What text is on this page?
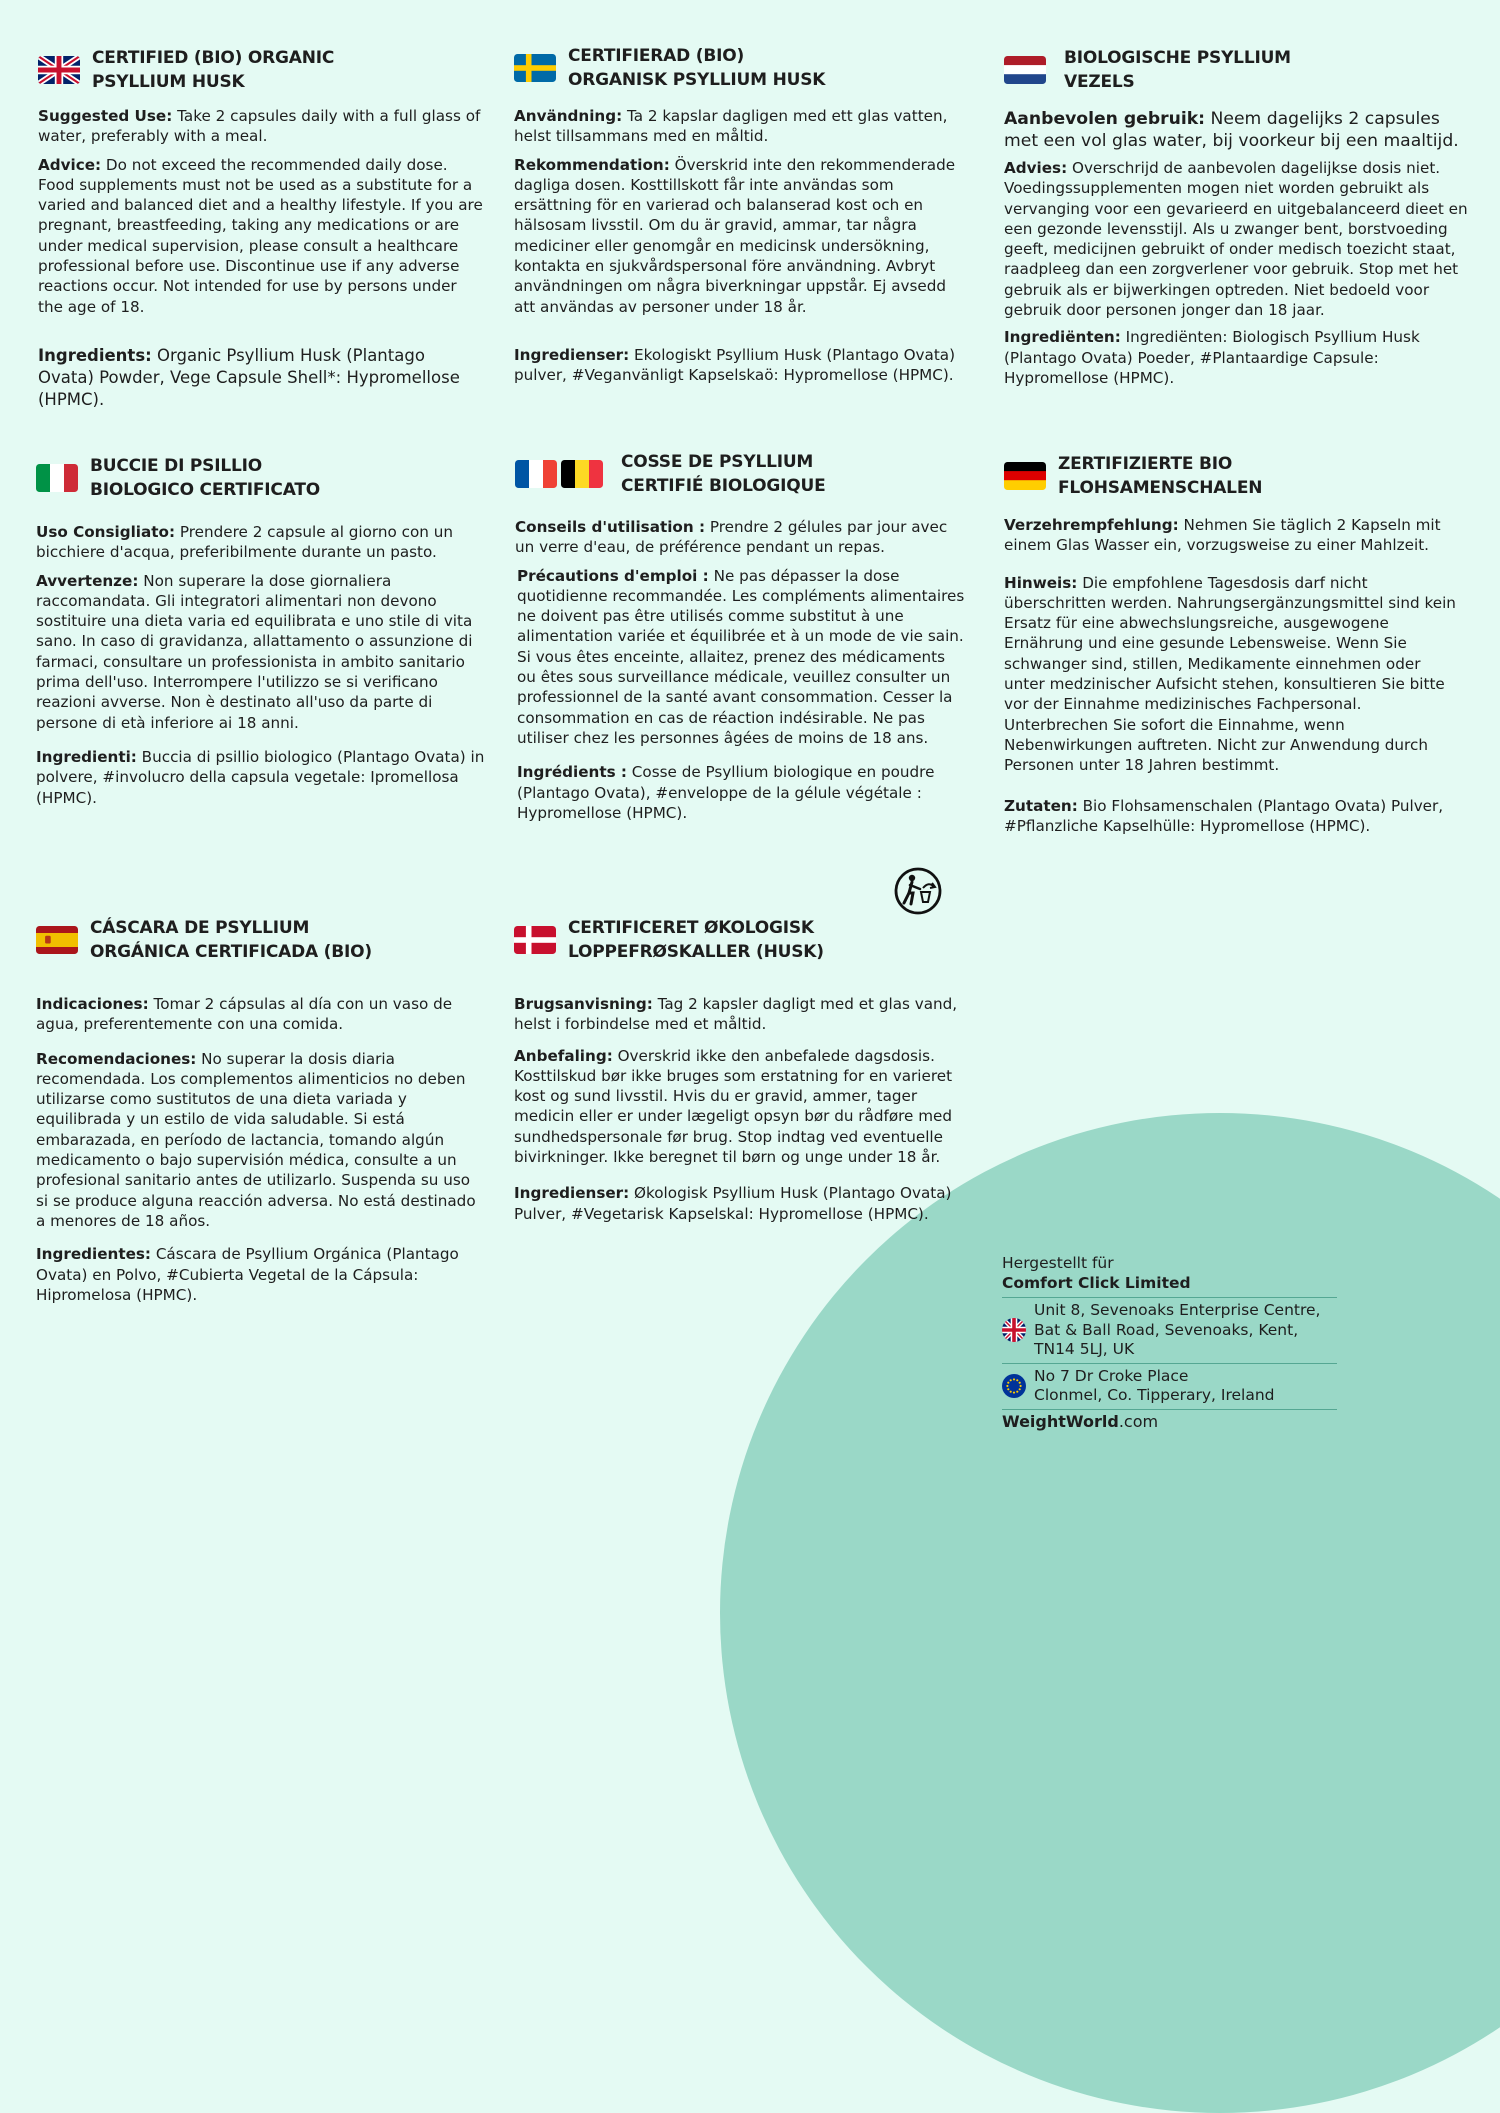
CERTIFIED (BIO) ORGANIC
PSYLLIUM HUSK

Suggested Use: Take 2 capsules daily with a full glass of water, preferably with a meal.

Advice: Do not exceed the recommended daily dose. Food supplements must not be used as a substitute for a varied and balanced diet and a healthy lifestyle. If you are pregnant, breastfeeding, taking any medications or are under medical supervision, please consult a healthcare professional before use. Discontinue use if any adverse reactions occur. Not intended for use by persons under the age of 18.

Ingredients: Organic Psyllium Husk (Plantago Ovata) Powder, Vege Capsule Shell*: Hypromellose (HPMC).

CERTIFIERAD (BIO)
ORGANISK PSYLLIUM HUSK

Användning: Ta 2 kapslar dagligen med ett glas vatten, helst tillsammans med en måltid.

Rekommendation: Överskrid inte den rekommenderade dagliga dosen. Kosttillskott får inte användas som ersättning för en varierad och balanserad kost och en hälsosam livsstil. Om du är gravid, ammar, tar några mediciner eller genomgår en medicinsk undersökning, kontakta en sjukvårdspersonal före användning. Avbryt användningen om några biverkningar uppstår. Ej avsedd att användas av personer under 18 år.

Ingredienser: Ekologiskt Psyllium Husk (Plantago Ovata) pulver, #Veganvänligt Kapselskaö: Hypromellose (HPMC).

BIOLOGISCHE PSYLLIUM
VEZELS

Aanbevolen gebruik: Neem dagelijks 2 capsules met een vol glas water, bij voorkeur bij een maaltijd.

Advies: Overschrijd de aanbevolen dagelijkse dosis niet. Voedingssupplementen mogen niet worden gebruikt als vervanging voor een gevarieerd en uitgebalanceerd dieet en een gezonde levensstijl. Als u zwanger bent, borstvoeding geeft, medicijnen gebruikt of onder medisch toezicht staat, raadpleeg dan een zorgverlener voor gebruik. Stop met het gebruik als er bijwerkingen optreden. Niet bedoeld voor gebruik door personen jonger dan 18 jaar.

Ingrediënten: Ingrediënten: Biologisch Psyllium Husk (Plantago Ovata) Poeder, #Plantaardige Capsule: Hypromellose (HPMC).

BUCCIE DI PSILLIO
BIOLOGICO CERTIFICATO

Uso Consigliato: Prendere 2 capsule al giorno con un bicchiere d'acqua, preferibilmente durante un pasto.

Avvertenze: Non superare la dose giornaliera raccomandata. Gli integratori alimentari non devono sostituire una dieta varia ed equilibrata e uno stile di vita sano. In caso di gravidanza, allattamento o assunzione di farmaci, consultare un professionista in ambito sanitario prima dell'uso. Interrompere l'utilizzo se si verificano reazioni avverse. Non è destinato all'uso da parte di persone di età inferiore ai 18 anni.

Ingredienti: Buccia di psillio biologico (Plantago Ovata) in polvere, #involucro della capsula vegetale: Ipromellosa (HPMC).

COSSE DE PSYLLIUM
CERTIFIÉ BIOLOGIQUE

Conseils d'utilisation : Prendre 2 gélules par jour avec un verre d'eau, de préférence pendant un repas.

Précautions d'emploi : Ne pas dépasser la dose quotidienne recommandée. Les compléments alimentaires ne doivent pas être utilisés comme substitut à une alimentation variée et équilibrée et à un mode de vie sain. Si vous êtes enceinte, allaitez, prenez des médicaments ou êtes sous surveillance médicale, veuillez consulter un professionnel de la santé avant consommation. Cesser la consommation en cas de réaction indésirable. Ne pas utiliser chez les personnes âgées de moins de 18 ans.

Ingrédients : Cosse de Psyllium biologique en poudre (Plantago Ovata), #enveloppe de la gélule végétale : Hypromellose (HPMC).

ZERTIFIZIERTE BIO
FLOHSAMENSCHALEN

Verzehrempfehlung: Nehmen Sie täglich 2 Kapseln mit einem Glas Wasser ein, vorzugsweise zu einer Mahlzeit.

Hinweis: Die empfohlene Tagesdosis darf nicht überschritten werden. Nahrungsergänzungsmittel sind kein Ersatz für eine abwechslungsreiche, ausgewogene Ernährung und eine gesunde Lebensweise. Wenn Sie schwanger sind, stillen, Medikamente einnehmen oder unter medzinischer Aufsicht stehen, konsultieren Sie bitte vor der Einnahme medizinisches Fachpersonal. Unterbrechen Sie sofort die Einnahme, wenn Nebenwirkungen auftreten. Nicht zur Anwendung durch Personen unter 18 Jahren bestimmt.

Zutaten: Bio Flohsamenschalen (Plantago Ovata) Pulver, #Pflanzliche Kapselhülle: Hypromellose (HPMC).

CÁSCARA DE PSYLLIUM
ORGÁNICA CERTIFICADA (BIO)

Indicaciones: Tomar 2 cápsulas al día con un vaso de agua, preferentemente con una comida.

Recomendaciones: No superar la dosis diaria recomendada. Los complementos alimenticios no deben utilizarse como sustitutos de una dieta variada y equilibrada y un estilo de vida saludable. Si está embarazada, en período de lactancia, tomando algún medicamento o bajo supervisión médica, consulte a un profesional sanitario antes de utilizarlo. Suspenda su uso si se produce alguna reacción adversa. No está destinado a menores de 18 años.

Ingredientes: Cáscara de Psyllium Orgánica (Plantago Ovata) en Polvo, #Cubierta Vegetal de la Cápsula: Hipromelosa (HPMC).

CERTIFICERET ØKOLOGISK
LOPPEFRØSKALLER (HUSK)

Brugsanvisning: Tag 2 kapsler dagligt med et glas vand, helst i forbindelse med et måltid.

Anbefaling: Overskrid ikke den anbefalede dagsdosis. Kosttilskud bør ikke bruges som erstatning for en varieret kost og sund livsstil. Hvis du er gravid, ammer, tager medicin eller er under lægeligt opsyn bør du rådføre med sundhedspersonale før brug. Stop indtag ved eventuelle bivirkninger. Ikke beregnet til børn og unge under 18 år.

Ingredienser: Økologisk Psyllium Husk (Plantago Ovata) Pulver, #Vegetarisk Kapselskal: Hypromellose (HPMC).

Hergestellt für
Comfort Click Limited
Unit 8, Sevenoaks Enterprise Centre,
Bat & Ball Road, Sevenoaks, Kent,
TN14 5LJ, UK
No 7 Dr Croke Place
Clonmel, Co. Tipperary, Ireland
WeightWorld.com
